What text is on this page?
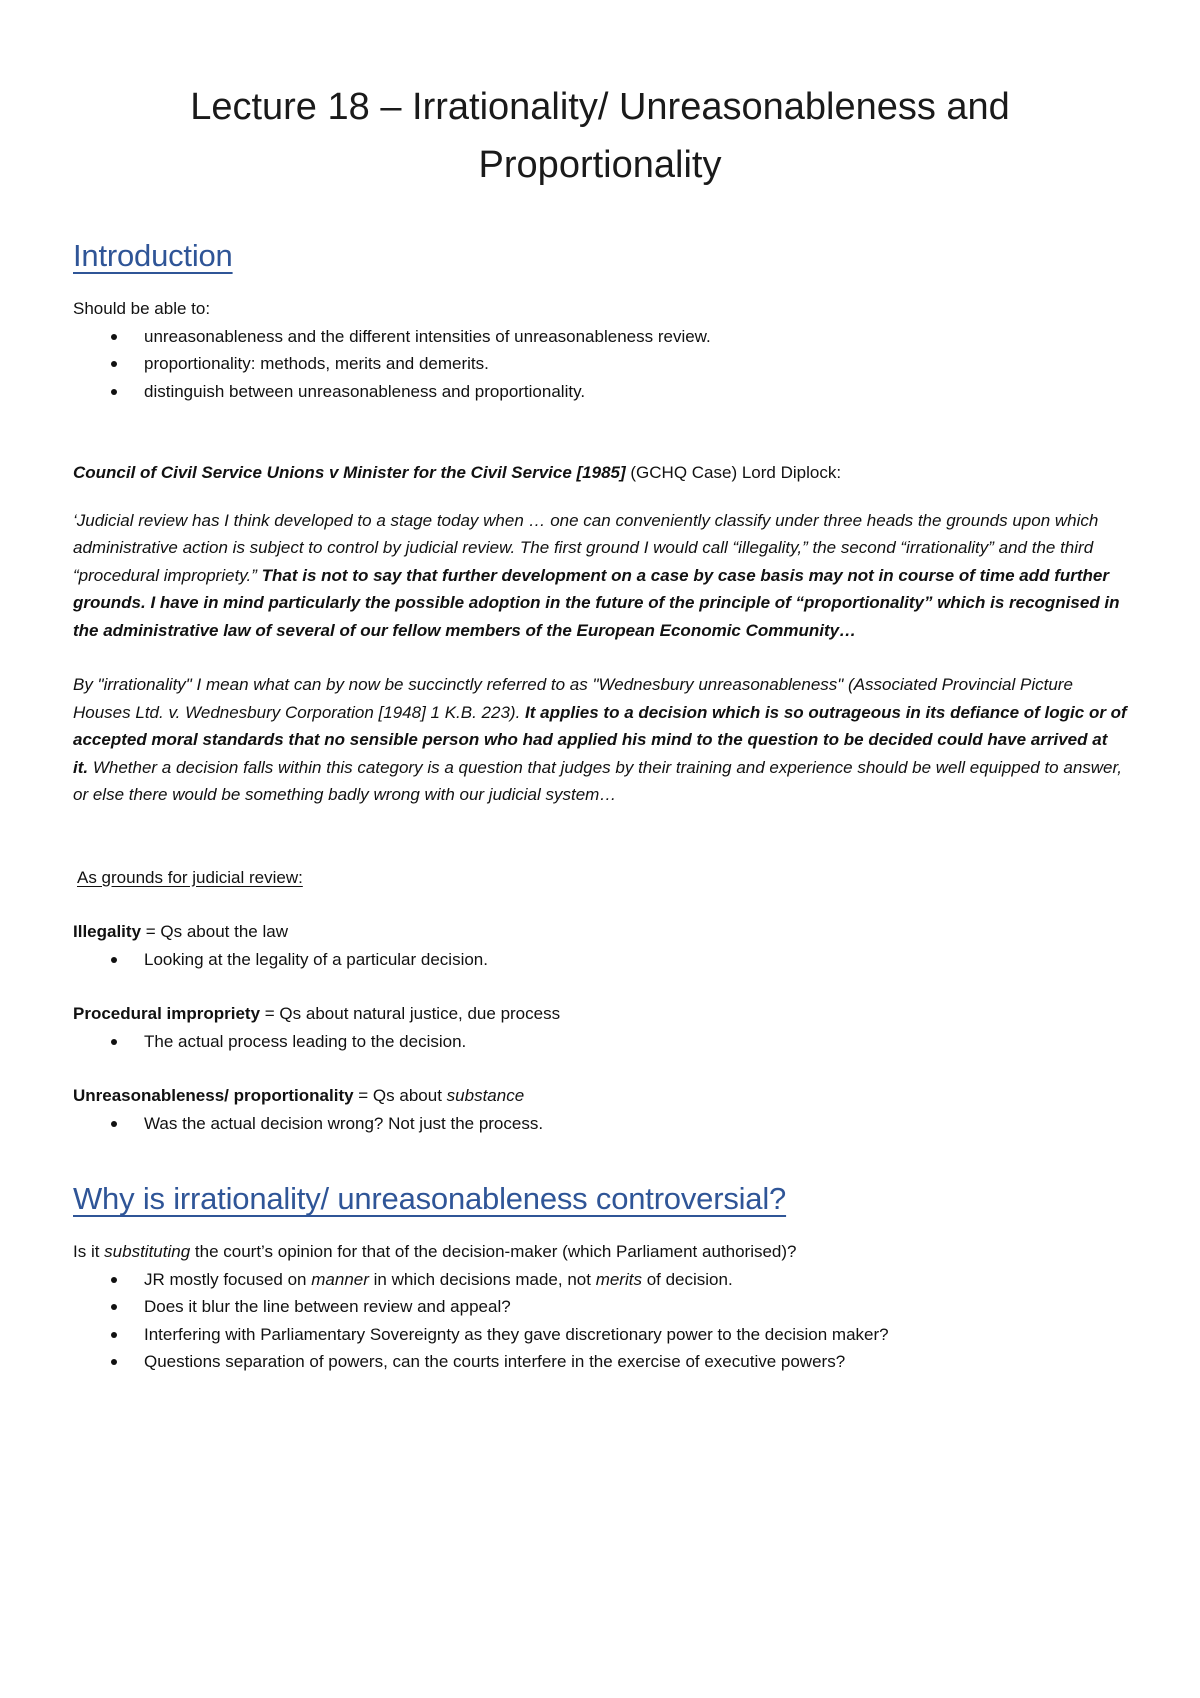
Lecture 18 – Irrationality/ Unreasonableness and
Proportionality
Introduction

Should be able to:

unreasonableness and the different intensities of unreasonableness review.
proportionality: methods, merits and demerits.
distinguish between unreasonableness and proportionality.

Council of Civil Service Unions v Minister for the Civil Service [1985] (GCHQ Case) Lord Diplock:

‘Judicial review has I think developed to a stage today when … one can conveniently classify under three heads the grounds upon which administrative action is subject to control by judicial review. The first ground I would call “illegality,” the second “irrationality” and the third “procedural impropriety.” That is not to say that further development on a case by case basis may not in course of time add further grounds. I have in mind particularly the possible adoption in the future of the principle of “proportionality” which is recognised in the administrative law of several of our fellow members of the European Economic Community…

By "irrationality" I mean what can by now be succinctly referred to as "Wednesbury unreasonableness" (Associated Provincial Picture Houses Ltd. v. Wednesbury Corporation [1948] 1 K.B. 223). It applies to a decision which is so outrageous in its defiance of logic or of accepted moral standards that no sensible person who had applied his mind to the question to be decided could have arrived at it. Whether a decision falls within this category is a question that judges by their training and experience should be well equipped to answer, or else there would be something badly wrong with our judicial system…

As grounds for judicial review:

Illegality = Qs about the law

Looking at the legality of a particular decision.

Procedural impropriety = Qs about natural justice, due process

The actual process leading to the decision.

Unreasonableness/ proportionality = Qs about substance

Was the actual decision wrong? Not just the process.
Why is irrationality/ unreasonableness controversial?

Is it substituting the court’s opinion for that of the decision-maker (which Parliament authorised)?

JR mostly focused on manner in which decisions made, not merits of decision.
Does it blur the line between review and appeal?
Interfering with Parliamentary Sovereignty as they gave discretionary power to the decision maker?
Questions separation of powers, can the courts interfere in the exercise of executive powers?
